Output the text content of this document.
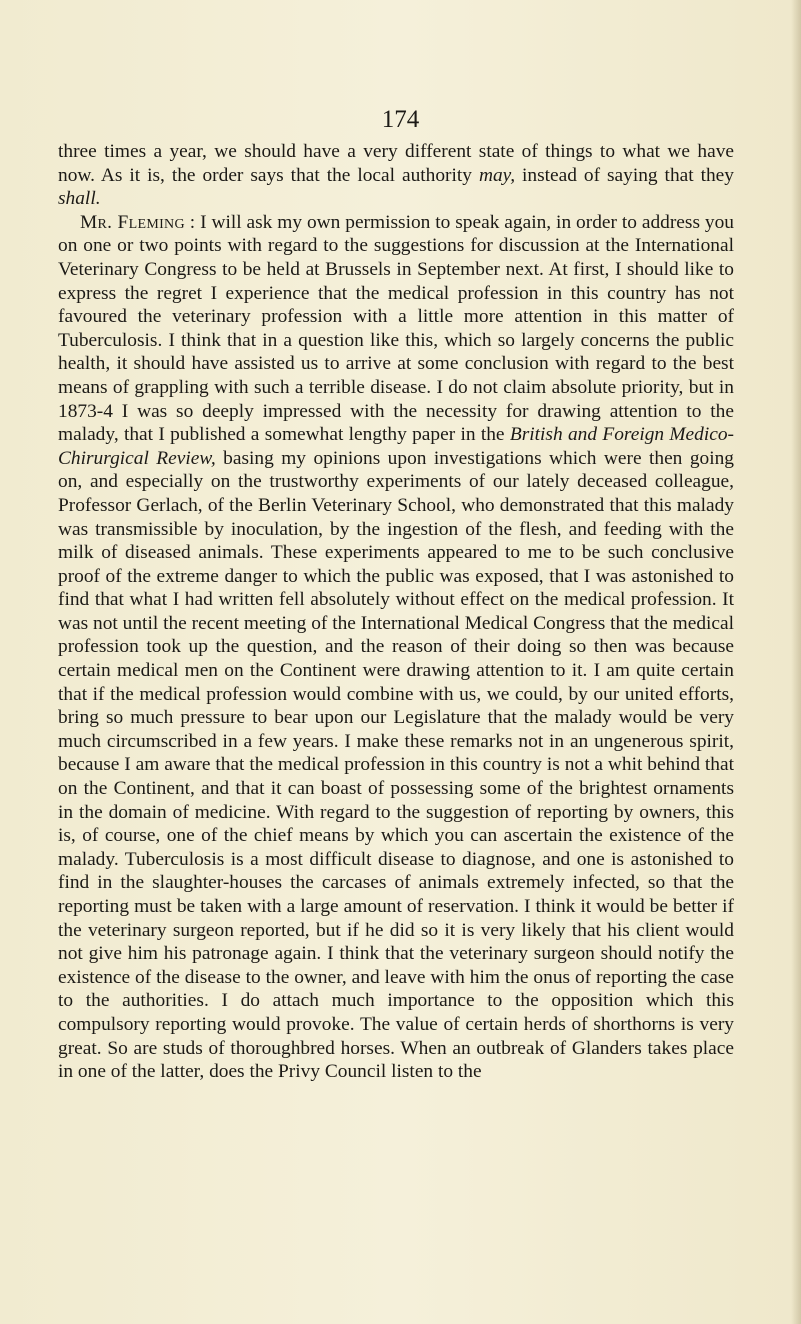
174

three times a year, we should have a very different state of things to what we have now. As it is, the order says that the local authority may, instead of saying that they shall.

Mr. Fleming : I will ask my own permission to speak again, in order to address you on one or two points with regard to the suggestions for discussion at the International Veterinary Congress to be held at Brussels in September next. At first, I should like to express the regret I experience that the medical profession in this country has not favoured the veterinary profession with a little more attention in this matter of Tuberculosis. I think that in a question like this, which so largely concerns the public health, it should have assisted us to arrive at some conclusion with regard to the best means of grappling with such a terrible disease. I do not claim absolute priority, but in 1873-4 I was so deeply impressed with the necessity for drawing attention to the malady, that I published a somewhat lengthy paper in the British and Foreign Medico-Chirurgical Review, basing my opinions upon investigations which were then going on, and especially on the trustworthy experiments of our lately deceased colleague, Professor Gerlach, of the Berlin Veterinary School, who demonstrated that this malady was transmissible by inoculation, by the ingestion of the flesh, and feeding with the milk of diseased animals. These experiments appeared to me to be such conclusive proof of the extreme danger to which the public was exposed, that I was astonished to find that what I had written fell absolutely without effect on the medical profession. It was not until the recent meeting of the International Medical Congress that the medical profession took up the question, and the reason of their doing so then was because certain medical men on the Continent were drawing attention to it. I am quite certain that if the medical profession would combine with us, we could, by our united efforts, bring so much pressure to bear upon our Legislature that the malady would be very much circumscribed in a few years. I make these remarks not in an ungenerous spirit, because I am aware that the medical profession in this country is not a whit behind that on the Continent, and that it can boast of possessing some of the brightest ornaments in the domain of medicine. With regard to the suggestion of reporting by owners, this is, of course, one of the chief means by which you can ascertain the existence of the malady. Tuberculosis is a most difficult disease to diagnose, and one is astonished to find in the slaughter-houses the carcases of animals extremely infected, so that the reporting must be taken with a large amount of reservation. I think it would be better if the veterinary surgeon reported, but if he did so it is very likely that his client would not give him his patronage again. I think that the veterinary surgeon should notify the existence of the disease to the owner, and leave with him the onus of reporting the case to the authorities. I do attach much importance to the opposition which this compulsory reporting would provoke. The value of certain herds of shorthorns is very great. So are studs of thoroughbred horses. When an outbreak of Glanders takes place in one of the latter, does the Privy Council listen to the
